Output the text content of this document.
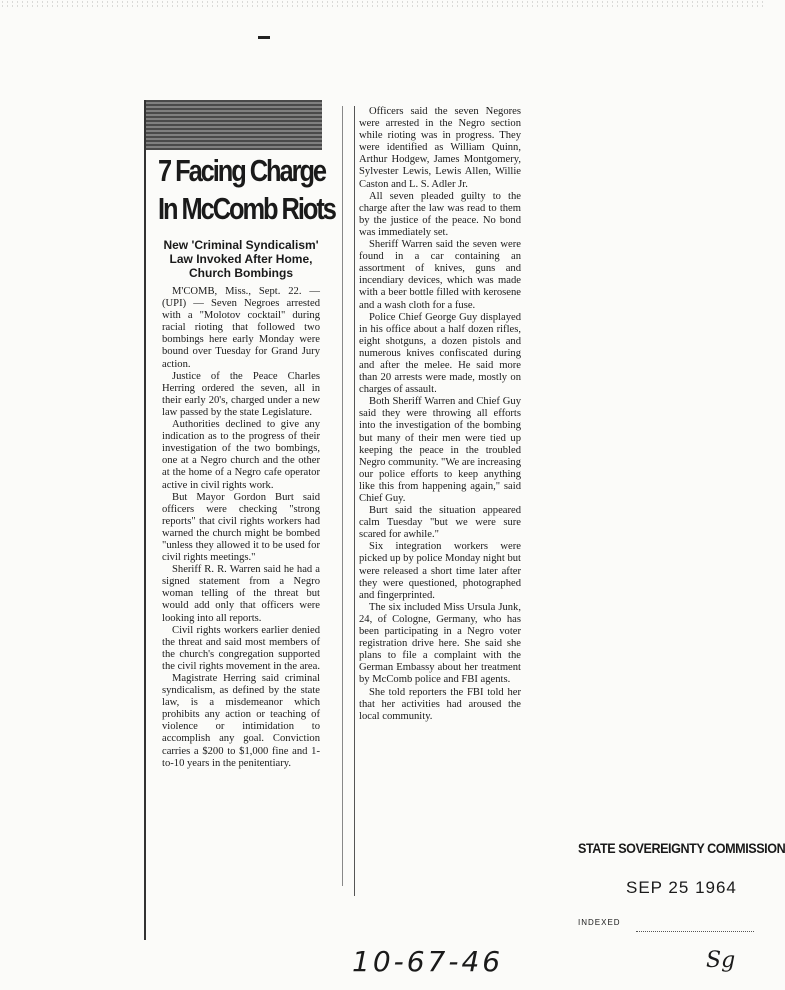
7 Facing Charge
In McComb Riots
New 'Criminal Syndicalism'
Law Invoked After Home,
Church Bombings

M'COMB, Miss., Sept. 22. — (UPI) — Seven Negroes arrested with a "Molotov cocktail" during racial rioting that followed two bombings here early Monday were bound over Tuesday for Grand Jury action.

Justice of the Peace Charles Herring ordered the seven, all in their early 20's, charged under a new law passed by the state Legislature.

Authorities declined to give any indication as to the progress of their investigation of the two bombings, one at a Negro church and the other at the home of a Negro cafe operator active in civil rights work.

But Mayor Gordon Burt said officers were checking "strong reports" that civil rights workers had warned the church might be bombed "unless they allowed it to be used for civil rights meetings."

Sheriff R. R. Warren said he had a signed statement from a Negro woman telling of the threat but would add only that officers were looking into all reports.

Civil rights workers earlier denied the threat and said most members of the church's congregation supported the civil rights movement in the area.

Magistrate Herring said criminal syndicalism, as defined by the state law, is a misdemeanor which prohibits any action or teaching of violence or intimidation to accomplish any goal. Conviction carries a $200 to $1,000 fine and 1-to-10 years in the penitentiary.

Officers said the seven Negores were arrested in the Negro section while rioting was in progress. They were identified as William Quinn, Arthur Hodgew, James Montgomery, Sylvester Lewis, Lewis Allen, Willie Caston and L. S. Adler Jr.

All seven pleaded guilty to the charge after the law was read to them by the justice of the peace. No bond was immediately set.

Sheriff Warren said the seven were found in a car containing an assortment of knives, guns and incendiary devices, which was made with a beer bottle filled with kerosene and a wash cloth for a fuse.

Police Chief George Guy displayed in his office about a half dozen rifles, eight shotguns, a dozen pistols and numerous knives confiscated during and after the melee. He said more than 20 arrests were made, mostly on charges of assault.

Both Sheriff Warren and Chief Guy said they were throwing all efforts into the investigation of the bombing but many of their men were tied up keeping the peace in the troubled Negro community. "We are increasing our police efforts to keep anything like this from happening again," said Chief Guy.

Burt said the situation appeared calm Tuesday "but we were sure scared for awhile."

Six integration workers were picked up by police Monday night but were released a short time later after they were questioned, photographed and fingerprinted.

The six included Miss Ursula Junk, 24, of Cologne, Germany, who has been participating in a Negro voter registration drive here. She said she plans to file a complaint with the German Embassy about her treatment by McComb police and FBI agents.

She told reporters the FBI told her that her activities had aroused the local community.

STATE SOVEREIGNTY COMMISSION
SEP 25 1964
INDEXED
10-67-46	Sg
